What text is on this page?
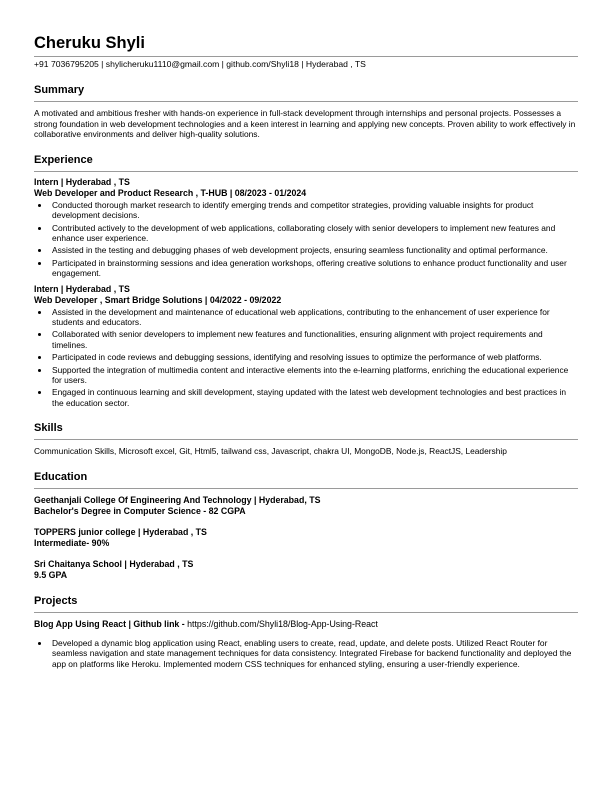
Cheruku Shyli
+91 7036795205 | shylicheruku1110@gmail.com | github.com/Shyli18 | Hyderabad , TS
Summary
A motivated and ambitious fresher with hands-on experience in full-stack development through internships and personal projects. Possesses a strong foundation in web development technologies and a keen interest in learning and applying new concepts. Proven ability to work effectively in collaborative environments and deliver high-quality solutions.
Experience
Intern | Hyderabad , TS
Web Developer and Product Research , T-HUB | 08/2023 - 01/2024
• Conducted thorough market research to identify emerging trends and competitor strategies, providing valuable insights for product development decisions.
• Contributed actively to the development of web applications, collaborating closely with senior developers to implement new features and enhance user experience.
• Assisted in the testing and debugging phases of web development projects, ensuring seamless functionality and optimal performance.
• Participated in brainstorming sessions and idea generation workshops, offering creative solutions to enhance product functionality and user engagement.
Intern | Hyderabad , TS
Web Developer , Smart Bridge Solutions | 04/2022 - 09/2022
• Assisted in the development and maintenance of educational web applications, contributing to the enhancement of user experience for students and educators.
• Collaborated with senior developers to implement new features and functionalities, ensuring alignment with project requirements and timelines.
• Participated in code reviews and debugging sessions, identifying and resolving issues to optimize the performance of web platforms.
• Supported the integration of multimedia content and interactive elements into the e-learning platforms, enriching the educational experience for users.
• Engaged in continuous learning and skill development, staying updated with the latest web development technologies and best practices in the education sector.
Skills
Communication Skills, Microsoft excel, Git, Html5, tailwand css, Javascript, chakra UI, MongoDB, Node.js, ReactJS, Leadership
Education
Geethanjali College Of Engineering And Technology | Hyderabad, TS
Bachelor's Degree in Computer Science - 82 CGPA
TOPPERS junior college | Hyderabad , TS
Intermediate- 90%
Sri Chaitanya School | Hyderabad , TS
9.5 GPA
Projects
Blog App Using React | Github link - https://github.com/Shyli18/Blog-App-Using-React
• Developed a dynamic blog application using React, enabling users to create, read, update, and delete posts. Utilized React Router for seamless navigation and state management techniques for data consistency. Integrated Firebase for backend functionality and deployed the app on platforms like Heroku. Implemented modern CSS techniques for enhanced styling, ensuring a user-friendly experience.
